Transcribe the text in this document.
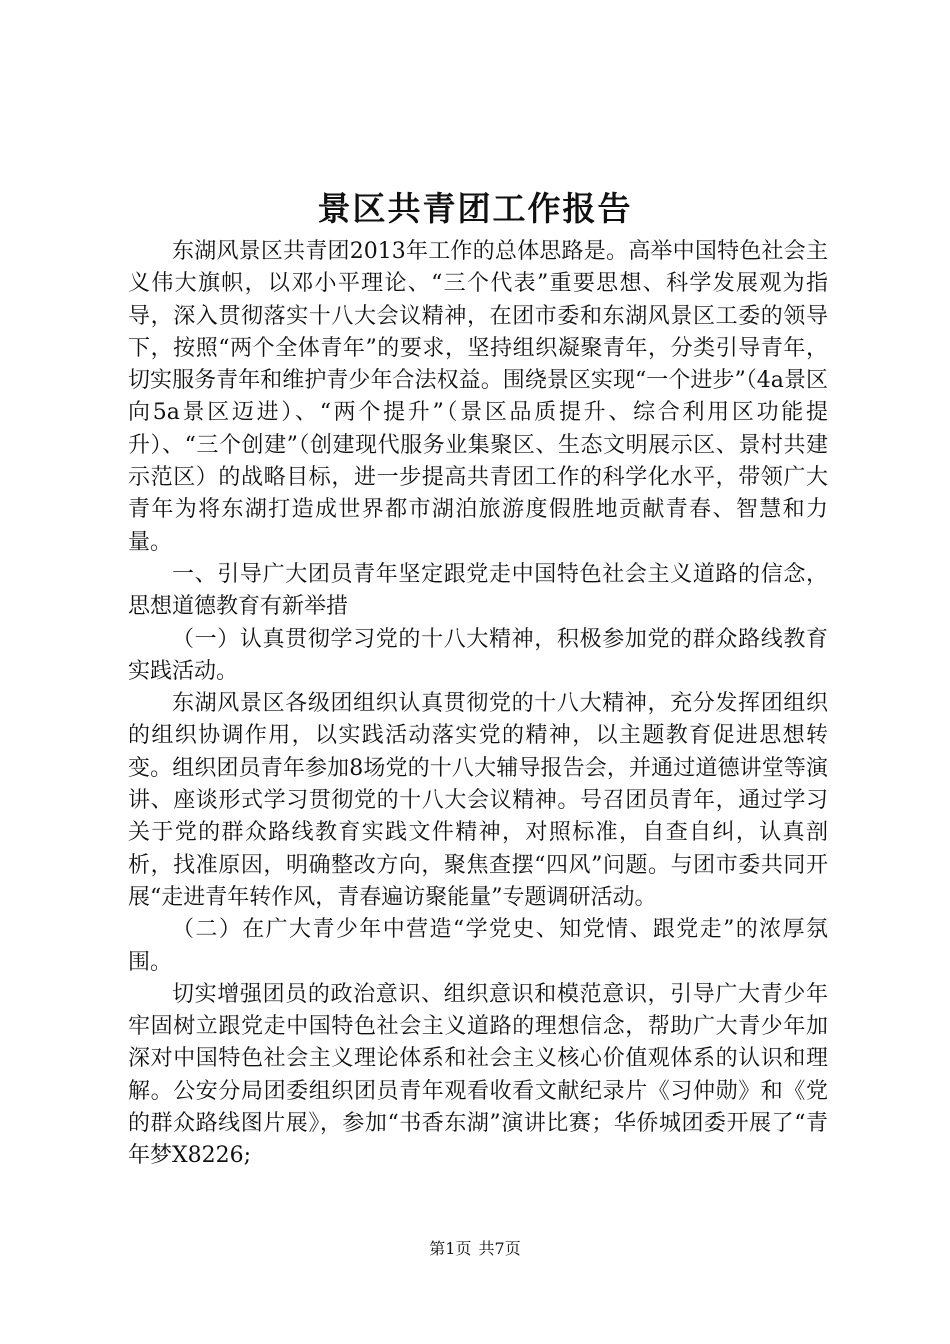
景区共青团工作报告

东湖风景区共青团2013年工作的总体思路是。高举中国特色社会主义伟大旗帜，以邓小平理论、“三个代表”重要思想、科学发展观为指导，深入贯彻落实十八大会议精神，在团市委和东湖风景区工委的领导下，按照“两个全体青年”的要求，坚持组织凝聚青年，分类引导青年，切实服务青年和维护青少年合法权益。围绕景区实现“一个进步”（4a景区向5a景区迈进）、“两个提升”（景区品质提升、综合利用区功能提升）、“三个创建”（创建现代服务业集聚区、生态文明展示区、景村共建示范区）的战略目标，进一步提高共青团工作的科学化水平，带领广大青年为将东湖打造成世界都市湖泊旅游度假胜地贡献青春、智慧和力量。

一、引导广大团员青年坚定跟党走中国特色社会主义道路的信念，思想道德教育有新举措

（一）认真贯彻学习党的十八大精神，积极参加党的群众路线教育实践活动。

东湖风景区各级团组织认真贯彻党的十八大精神，充分发挥团组织的组织协调作用，以实践活动落实党的精神，以主题教育促进思想转变。组织团员青年参加8场党的十八大辅导报告会，并通过道德讲堂等演讲、座谈形式学习贯彻党的十八大会议精神。号召团员青年，通过学习关于党的群众路线教育实践文件精神，对照标准，自查自纠，认真剖析，找准原因，明确整改方向，聚焦查摆“四风”问题。与团市委共同开展“走进青年转作风，青春遍访聚能量”专题调研活动。

（二）在广大青少年中营造“学党史、知党情、跟党走”的浓厚氛围。

切实增强团员的政治意识、组织意识和模范意识，引导广大青少年牢固树立跟党走中国特色社会主义道路的理想信念，帮助广大青少年加深对中国特色社会主义理论体系和社会主义核心价值观体系的认识和理解。公安分局团委组织团员青年观看收看文献纪录片《习仲勋》和《党的群众路线图片展》，参加“书香东湖”演讲比赛；华侨城团委开展了“青年梦X8226;

第1页 共7页
